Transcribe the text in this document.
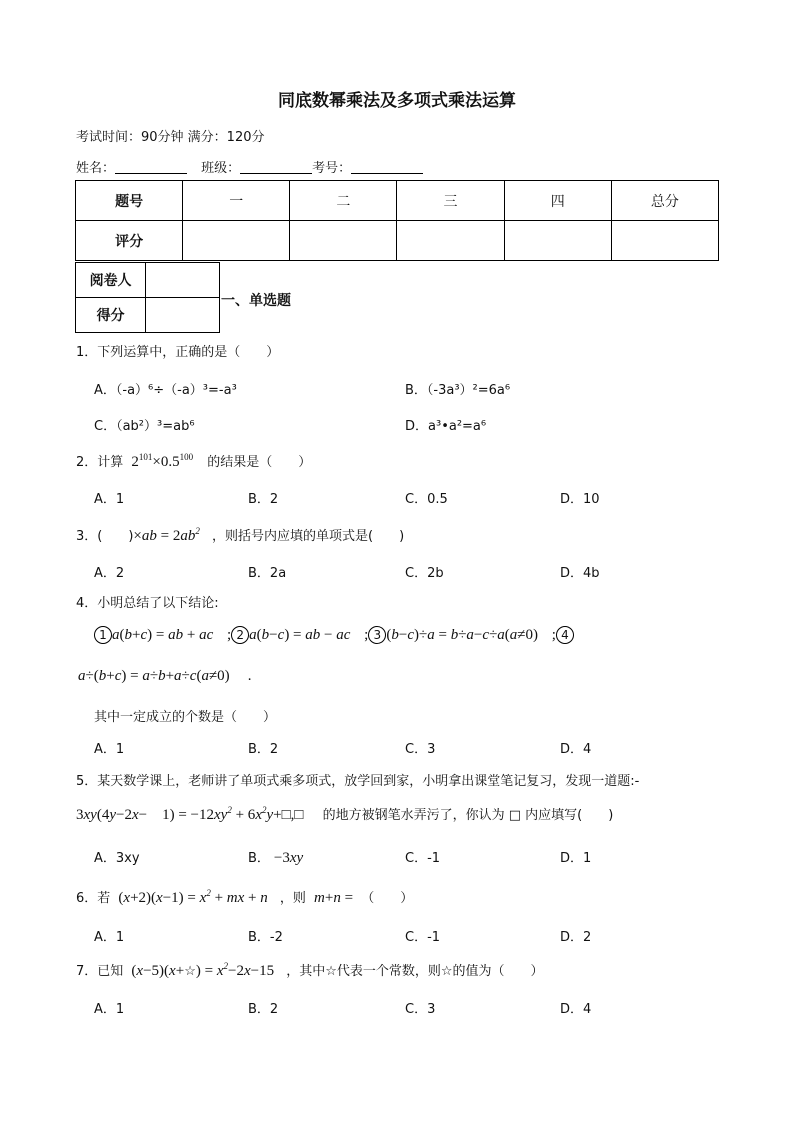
同底数幂乘法及多项式乘法运算
考试时间：90分钟 满分：120分
姓名：	班级：	考号：
题号	一	二	三	四	总分
评分					
阅卷人	
得分	
一、单选题
1．下列运算中，正确的是（　　）
A．（-a）⁶÷（-a）³=-a³	B．（-3a³）²=6a⁶
C．（ab²）³=ab⁶	D．a³•a²=a⁶
2．计算 $2^{101}\times 0.5^{100}$ 的结果是（　　）
A．1	B．2	C．0.5	D．10
3．(　　)$\times ab = 2ab^2$ ，则括号内应填的单项式是(　　)
A．2	B．2a	C．2b	D．4b
4．小明总结了以下结论:
1 a(b+c) = ab + ac ; 2 a(b−c) = ab − ac ; 3 (b−c)÷a = b÷a−c÷a(a≠0) ; 4
a÷(b+c) = a÷b+a÷c(a≠0) .
其中一定成立的个数是（　　）
A．1	B．2	C．3	D．4
5．某天数学课上，老师讲了单项式乘多项式，放学回到家，小明拿出课堂笔记复习，发现一道题:-
3xy(4y−2x−　$1) = -12xy^2$ + $6x^2y+□,□$ 的地方被钢笔水弄污了，你认为 □ 内应填写(　　)
A．3xy	B． −3xy	C．-1	D．1
6．若 $(x+2)(x-1) = x^2$ + mx + n ，则 m+n = （　　）
A．1	B．-2	C．-1	D．2
7．已知 (x−5)(x+☆) = $x^2-2x-15$ ，其中☆代表一个常数，则☆的值为（　　）
A．1	B．2	C．3	D．4
